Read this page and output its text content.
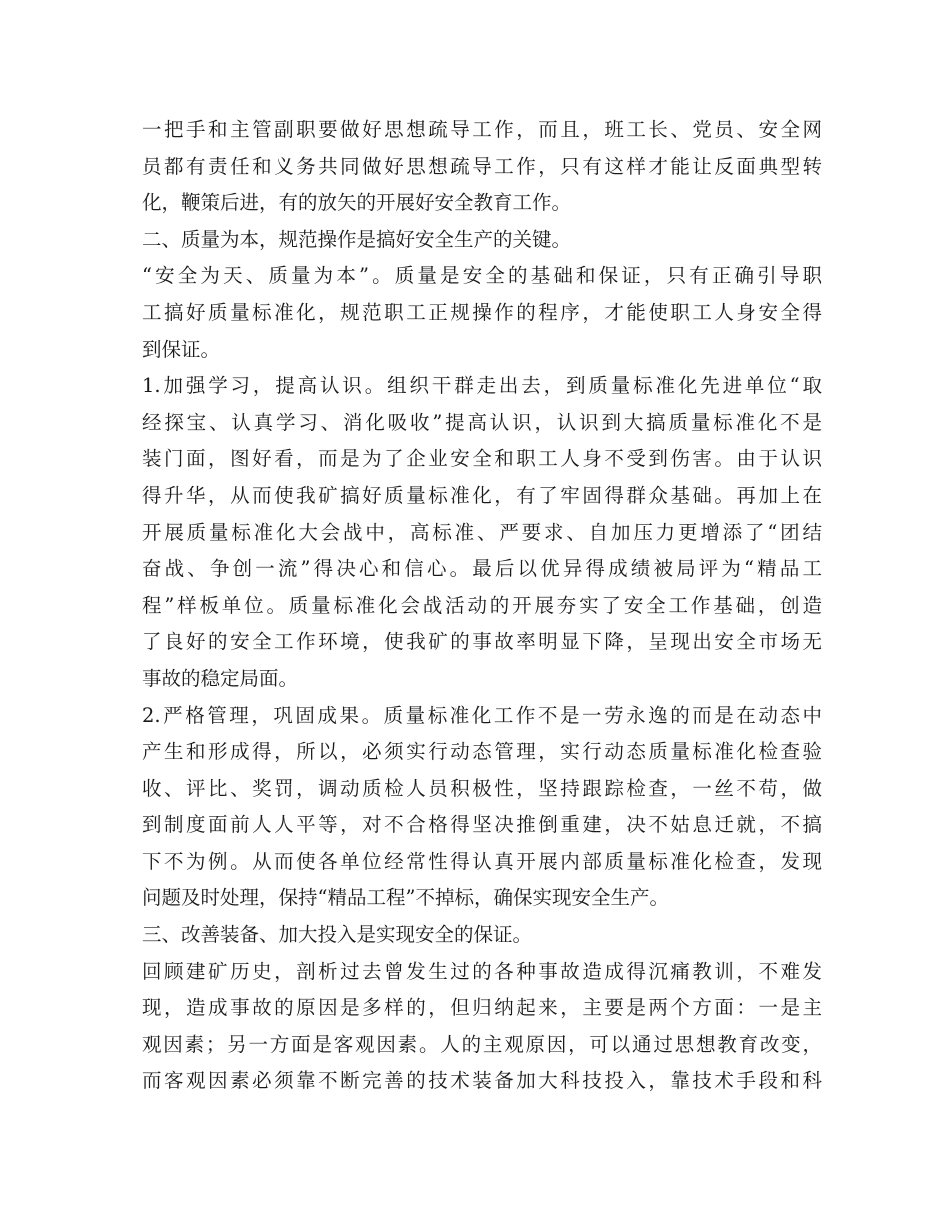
一把手和主管副职要做好思想疏导工作，而且，班工长、党员、安全网
员都有责任和义务共同做好思想疏导工作，只有这样才能让反面典型转
化，鞭策后进，有的放矢的开展好安全教育工作。
二、质量为本，规范操作是搞好安全生产的关键。
“安全为天、质量为本”。质量是安全的基础和保证，只有正确引导职
工搞好质量标准化，规范职工正规操作的程序，才能使职工人身安全得
到保证。
1.加强学习，提高认识。组织干群走出去，到质量标准化先进单位“取
经探宝、认真学习、消化吸收”提高认识，认识到大搞质量标准化不是
装门面，图好看，而是为了企业安全和职工人身不受到伤害。由于认识
得升华，从而使我矿搞好质量标准化，有了牢固得群众基础。再加上在
开展质量标准化大会战中，高标准、严要求、自加压力更增添了“团结
奋战、争创一流”得决心和信心。最后以优异得成绩被局评为“精品工
程”样板单位。质量标准化会战活动的开展夯实了安全工作基础，创造
了良好的安全工作环境，使我矿的事故率明显下降，呈现出安全市场无
事故的稳定局面。
2.严格管理，巩固成果。质量标准化工作不是一劳永逸的而是在动态中
产生和形成得，所以，必须实行动态管理，实行动态质量标准化检查验
收、评比、奖罚，调动质检人员积极性，坚持跟踪检查，一丝不苟，做
到制度面前人人平等，对不合格得坚决推倒重建，决不姑息迁就，不搞
下不为例。从而使各单位经常性得认真开展内部质量标准化检查，发现
问题及时处理，保持“精品工程”不掉标，确保实现安全生产。
三、改善装备、加大投入是实现安全的保证。
回顾建矿历史，剖析过去曾发生过的各种事故造成得沉痛教训，不难发
现，造成事故的原因是多样的，但归纳起来，主要是两个方面：一是主
观因素；另一方面是客观因素。人的主观原因，可以通过思想教育改变，
而客观因素必须靠不断完善的技术装备加大科技投入，靠技术手段和科
